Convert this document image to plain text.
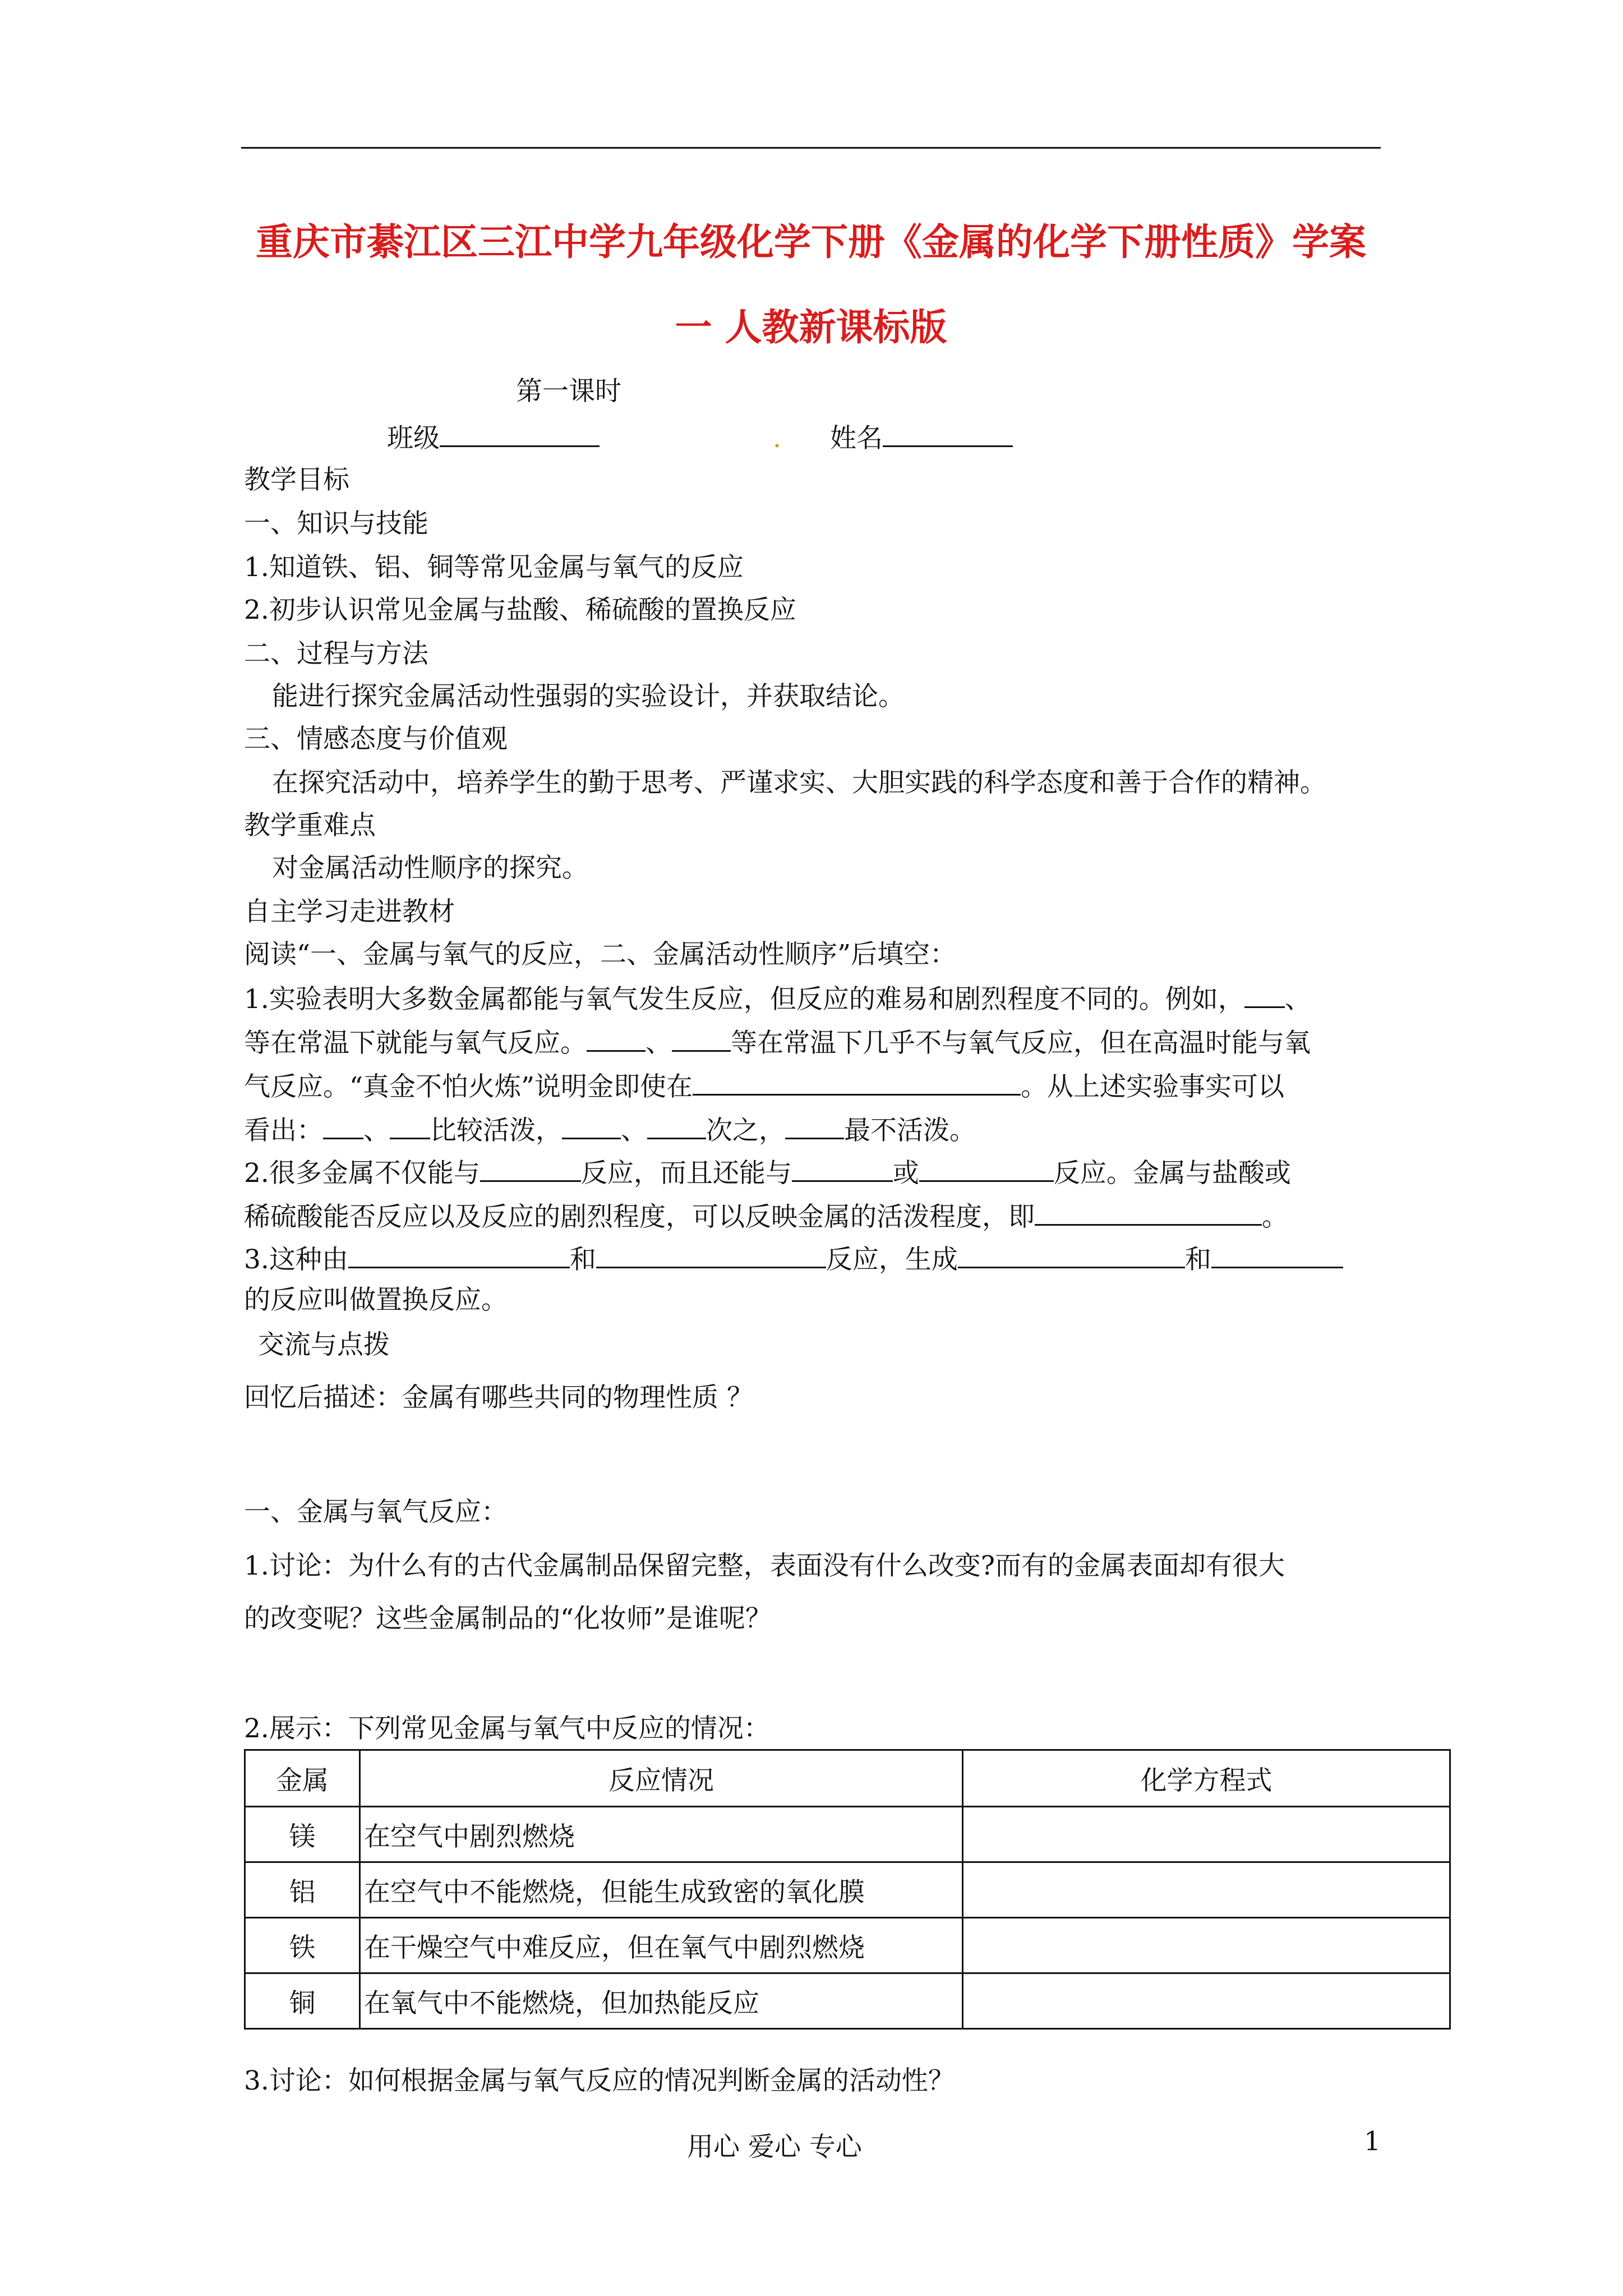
重庆市綦江区三江中学九年级化学下册《金属的化学下册性质》学案
一 人教新课标版
第一课时
班级	. 姓名
教学目标
一、知识与技能
1.知道铁、铝、铜等常见金属与氧气的反应
2.初步认识常见金属与盐酸、稀硫酸的置换反应
二、过程与方法
能进行探究金属活动性强弱的实验设计，并获取结论。
三、情感态度与价值观
在探究活动中，培养学生的勤于思考、严谨求实、大胆实践的科学态度和善于合作的精神。
教学重难点
对金属活动性顺序的探究。
自主学习走进教材
阅读“一、金属与氧气的反应，二、金属活动性顺序”后填空：
1.实验表明大多数金属都能与氧气发生反应，但反应的难易和剧烈程度不同的。例如， 、
等在常温下就能与氧气反应。 、 等在常温下几乎不与氧气反应，但在高温时能与氧
气反应。“真金不怕火炼”说明金即使在	。从上述实验事实可以
看出： 、 比较活泼， 、 次之， 最不活泼。
2.很多金属不仅能与	反应，而且还能与	或	反应。金属与盐酸或
稀硫酸能否反应以及反应的剧烈程度，可以反映金属的活泼程度，即	。
3.这种由	和	反应，生成	和
的反应叫做置换反应。
交流与点拨
回忆后描述：金属有哪些共同的物理性质 ？
一、金属与氧气反应：
1.讨论：为什么有的古代金属制品保留完整，表面没有什么改变?而有的金属表面却有很大
的改变呢？这些金属制品的“化妆师”是谁呢？
2.展示：下列常见金属与氧气中反应的情况：
金属	反应情况	化学方程式
镁	在空气中剧烈燃烧	
铝	在空气中不能燃烧，但能生成致密的氧化膜	
铁	在干燥空气中难反应，但在氧气中剧烈燃烧	
铜	在氧气中不能燃烧，但加热能反应	
3.讨论：如何根据金属与氧气反应的情况判断金属的活动性？
用心 爱心 专心	1
